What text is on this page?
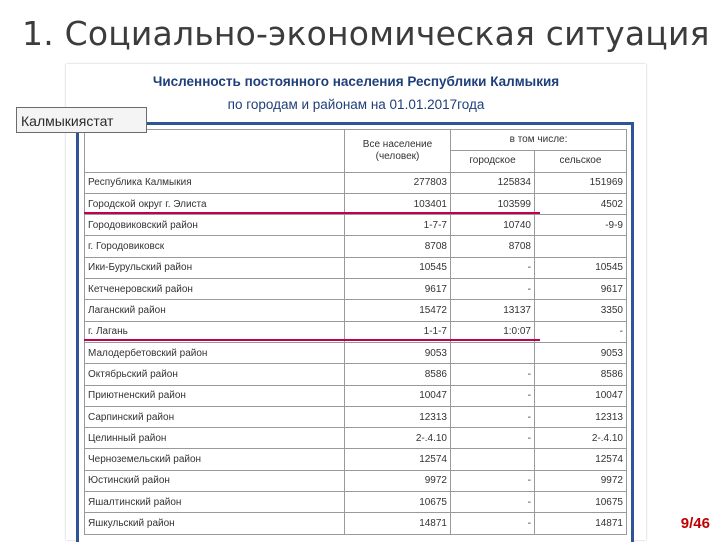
1. Социально-экономическая ситуация
Численность постоянного населения Республики Калмыкия
по городам и районам на 01.01.2017года
	Все население (человек)	в том числе:	
		городское	сельское
Республика Калмыкия	277803	125834	151969
Городской округ г. Элиста	103401	103599	4502
Городовиковский район	1-7-7	10740	-9-9
г. Городовиковск	8708	8708	
Ики-Бурульский район	10545	-	10545
Кетченеровский район	9617	-	9617
Лаганский район	15472	13137	3350
г. Лагань	1-1-7	1:0:07	-
Малодербетовский район	9053		9053
Октябрьский район	8586	-	8586
Приютненский район	10047	-	10047
Сарпинский район	12313	-	12313
Целинный район	2-.4.10	-	2-.4.10
Черноземельский район	12574		12574
Юстинский район	9972	-	9972
Яшалтинский район	10675	-	10675
Яшкульский район	14871	-	14871
Калмыкиястат
9/46
